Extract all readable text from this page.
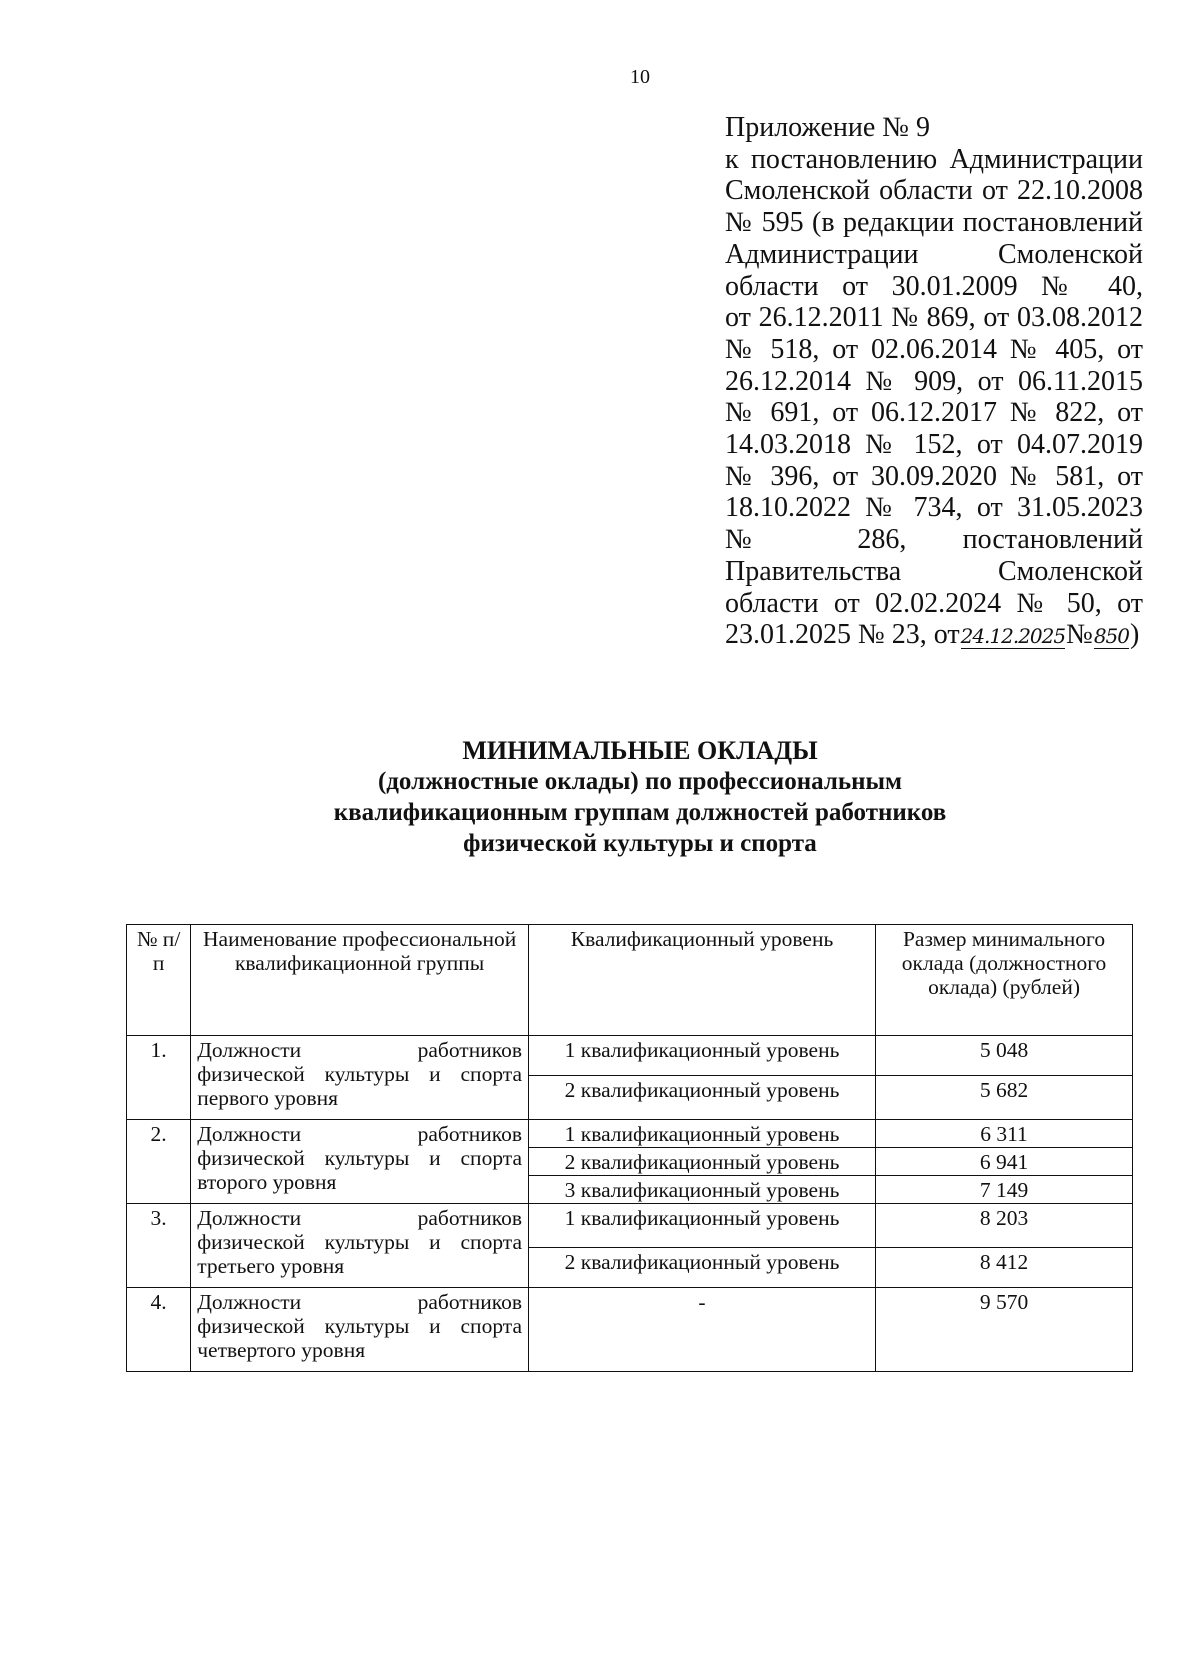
10
Приложение № 9
к постановлению Администрации
Смоленской области от 22.10.2008
№ 595 (в редакции постановлений
Администрации Смоленской
области от 30.01.2009 № 40,
от 26.12.2011 № 869, от 03.08.2012
№ 518, от 02.06.2014 № 405, от
26.12.2014 № 909, от 06.11.2015
№ 691, от 06.12.2017 № 822, от
14.03.2018 № 152, от 04.07.2019
№ 396, от 30.09.2020 № 581, от
18.10.2022 № 734, от 31.05.2023
№ 286, постановлений
Правительства Смоленской
области от 02.02.2024 № 50, от
23.01.2025 № 23, от24.12.2025№850)
МИНИМАЛЬНЫЕ ОКЛАДЫ
(должностные оклады) по профессиональным
квалификационным группам должностей работников
физической культуры и спорта
№ п/п	Наименование профессиональной квалификационной группы	Квалификационный уровень	Размер минимального оклада (должностного оклада) (рублей)
1.	Должности работников
физической культуры и спорта первого уровня	1 квалификационный уровень	5 048
		2 квалификационный уровень	5 682
2.	Должности работников
физической культуры и спорта второго уровня	1 квалификационный уровень	6 311
		2 квалификационный уровень	6 941
		3 квалификационный уровень	7 149
3.	Должности работников
физической культуры и спорта третьего уровня	1 квалификационный уровень	8 203
		2 квалификационный уровень	8 412
4.	Должности работников
физической культуры и спорта четвертого уровня	-	9 570
